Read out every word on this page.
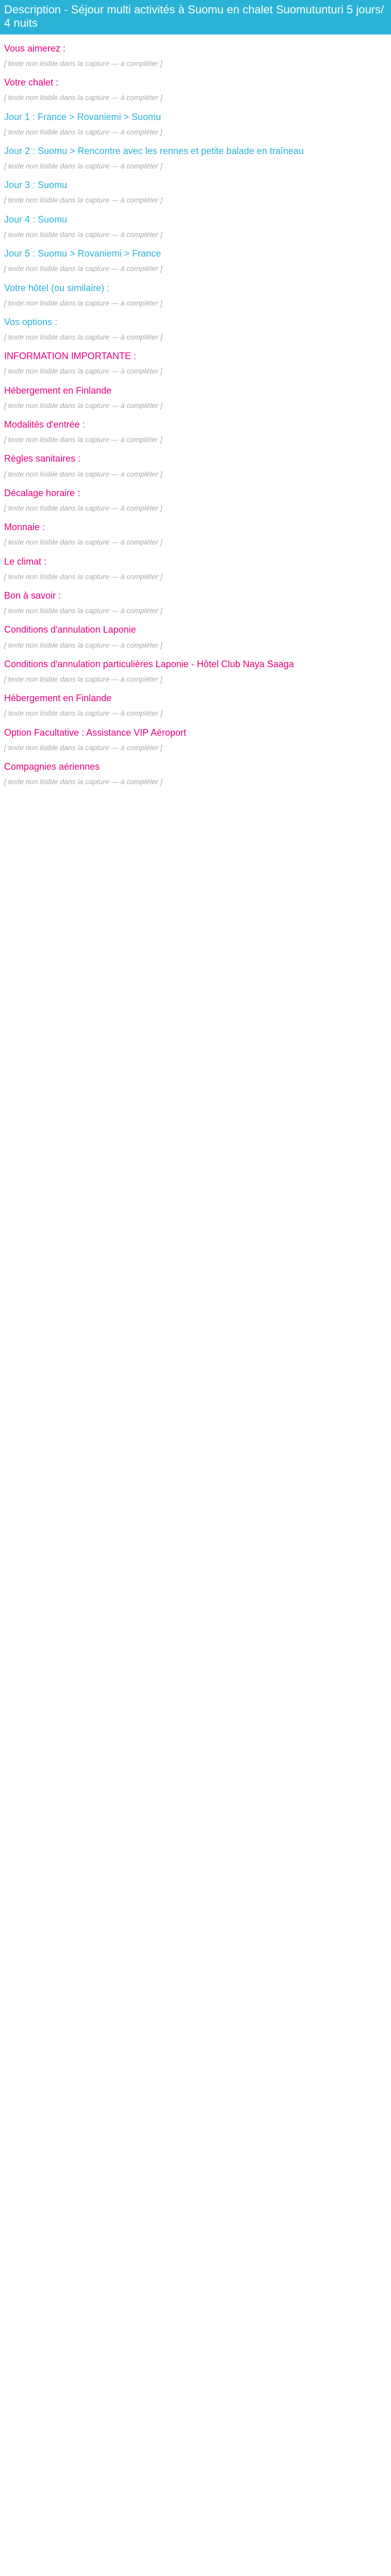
Description - Séjour multi activités à Suomu en chalet Suomutunturi 5 jours/ 4 nuits
Vous aimerez :

[ texte non lisible dans la capture — à compléter ]

Votre chalet :

[ texte non lisible dans la capture — à compléter ]

Jour 1 : France > Rovaniemi > Suomu

[ texte non lisible dans la capture — à compléter ]

Jour 2 : Suomu > Rencontre avec les rennes et petite balade en traîneau

[ texte non lisible dans la capture — à compléter ]

Jour 3 : Suomu

[ texte non lisible dans la capture — à compléter ]

Jour 4 : Suomu

[ texte non lisible dans la capture — à compléter ]

Jour 5 : Suomu > Rovaniemi > France

[ texte non lisible dans la capture — à compléter ]

Votre hôtel (ou similaire) :

[ texte non lisible dans la capture — à compléter ]

Vos options :

[ texte non lisible dans la capture — à compléter ]

INFORMATION IMPORTANTE :

[ texte non lisible dans la capture — à compléter ]

Hébergement en Finlande

[ texte non lisible dans la capture — à compléter ]

Modalités d'entrée :

[ texte non lisible dans la capture — à compléter ]

Règles sanitaires :

[ texte non lisible dans la capture — à compléter ]

Décalage horaire :

[ texte non lisible dans la capture — à compléter ]

Monnaie :

[ texte non lisible dans la capture — à compléter ]

Le climat :

[ texte non lisible dans la capture — à compléter ]

Bon à savoir :

[ texte non lisible dans la capture — à compléter ]

Conditions d'annulation Laponie

[ texte non lisible dans la capture — à compléter ]

Conditions d'annulation particulières Laponie - Hôtel Club Naya Saaga

[ texte non lisible dans la capture — à compléter ]

Hébergement en Finlande

[ texte non lisible dans la capture — à compléter ]

Option Facultative : Assistance VIP Aéroport

[ texte non lisible dans la capture — à compléter ]

Compagnies aériennes

[ texte non lisible dans la capture — à compléter ]
